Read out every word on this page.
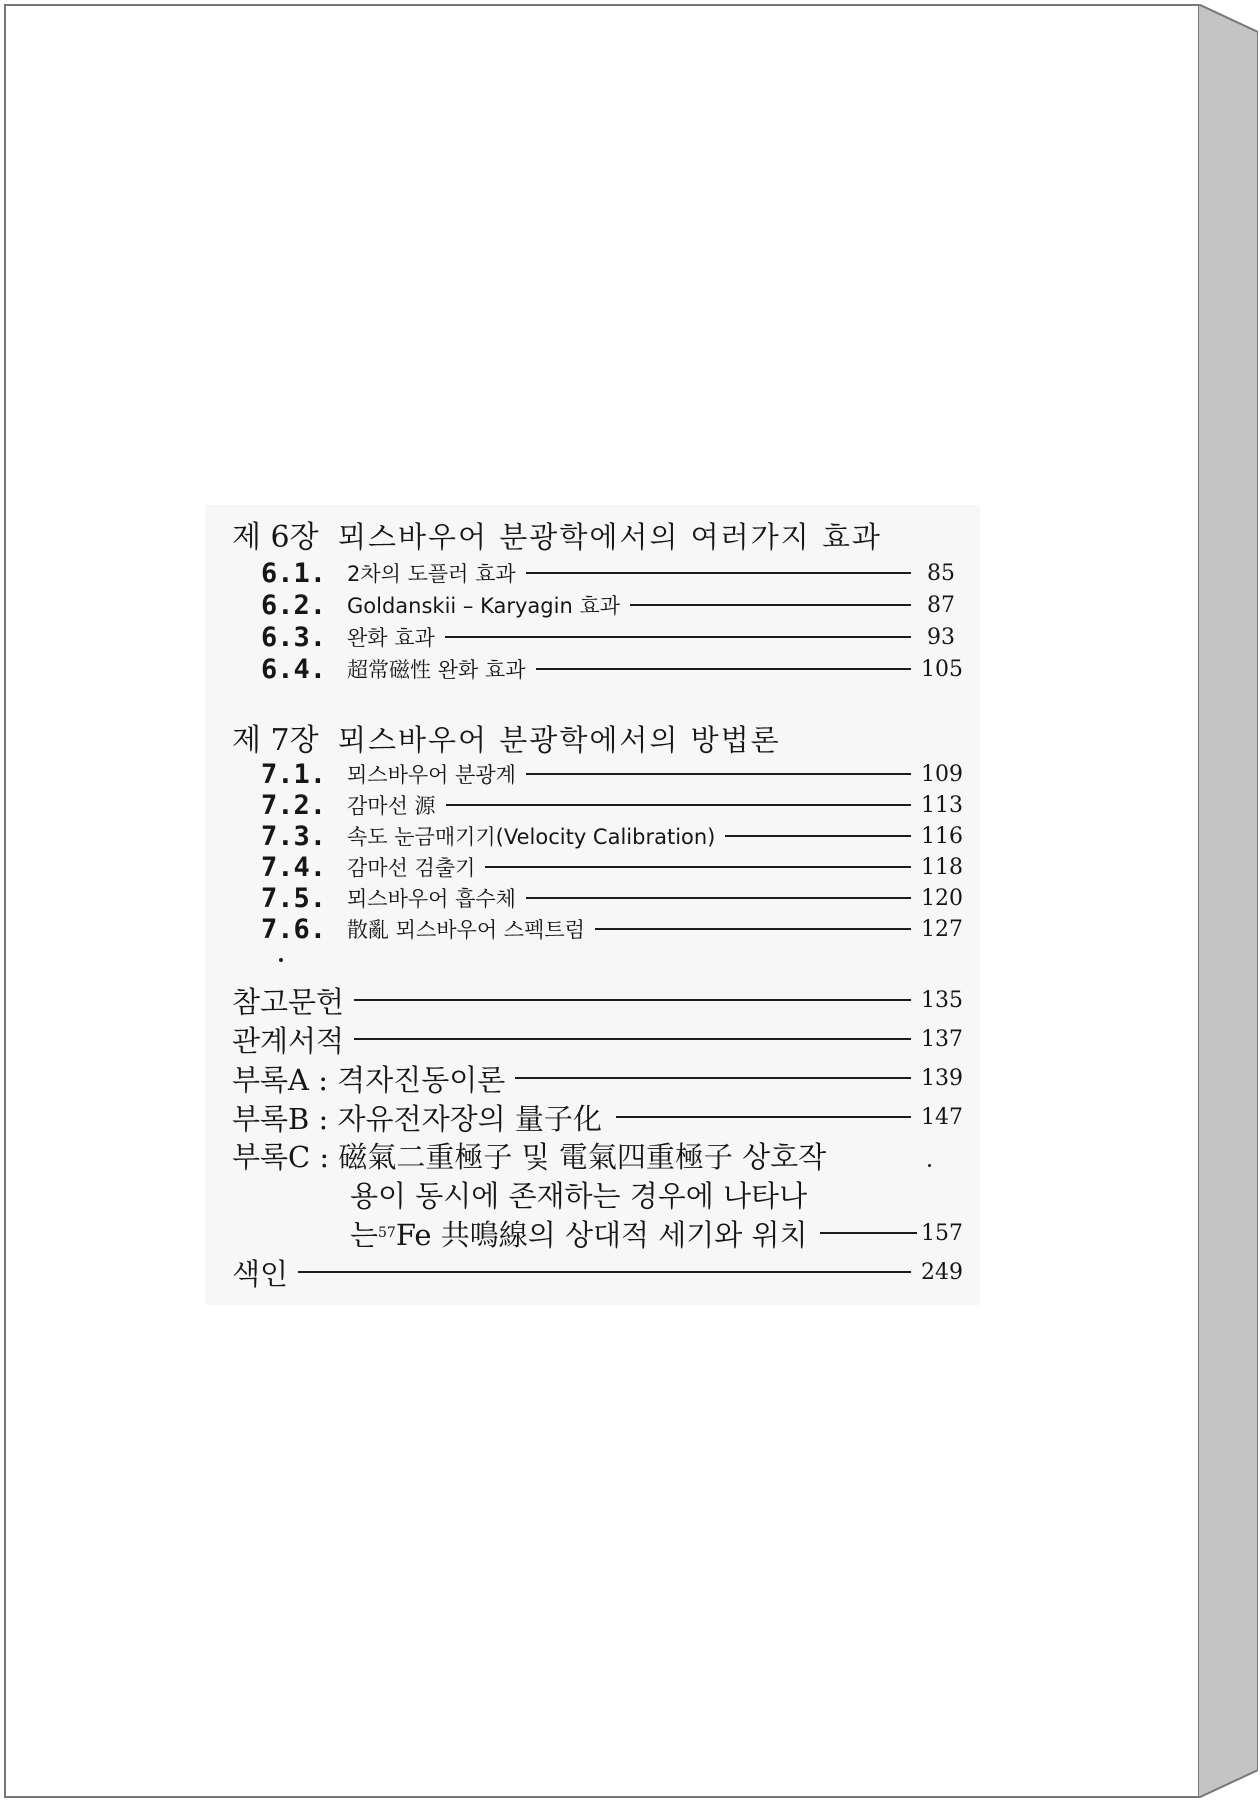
제 6장 뫼스바우어 분광학에서의 여러가지 효과
6.1. 2차의 도플러 효과	85
6.2. Goldanskii – Karyagin 효과	87
6.3. 완화 효과	93
6.4. 超常磁性 완화 효과	105
제 7장 뫼스바우어 분광학에서의 방법론
7.1. 뫼스바우어 분광계	109
7.2. 감마선 源	113
7.3. 속도 눈금매기기(Velocity Calibration)	116
7.4. 감마선 검출기	118
7.5. 뫼스바우어 흡수체	120
7.6. 散亂 뫼스바우어 스펙트럼	127
참고문헌	135
관계서적	137
부록A : 격자진동이론	139
부록B : 자유전자장의 量子化	147
부록C : 磁氣二重極子 및 電氣四重極子 상호작
용이 동시에 존재하는 경우에 나타나
는 57 Fe 共鳴線의 상대적 세기와 위치	157
색인	249
